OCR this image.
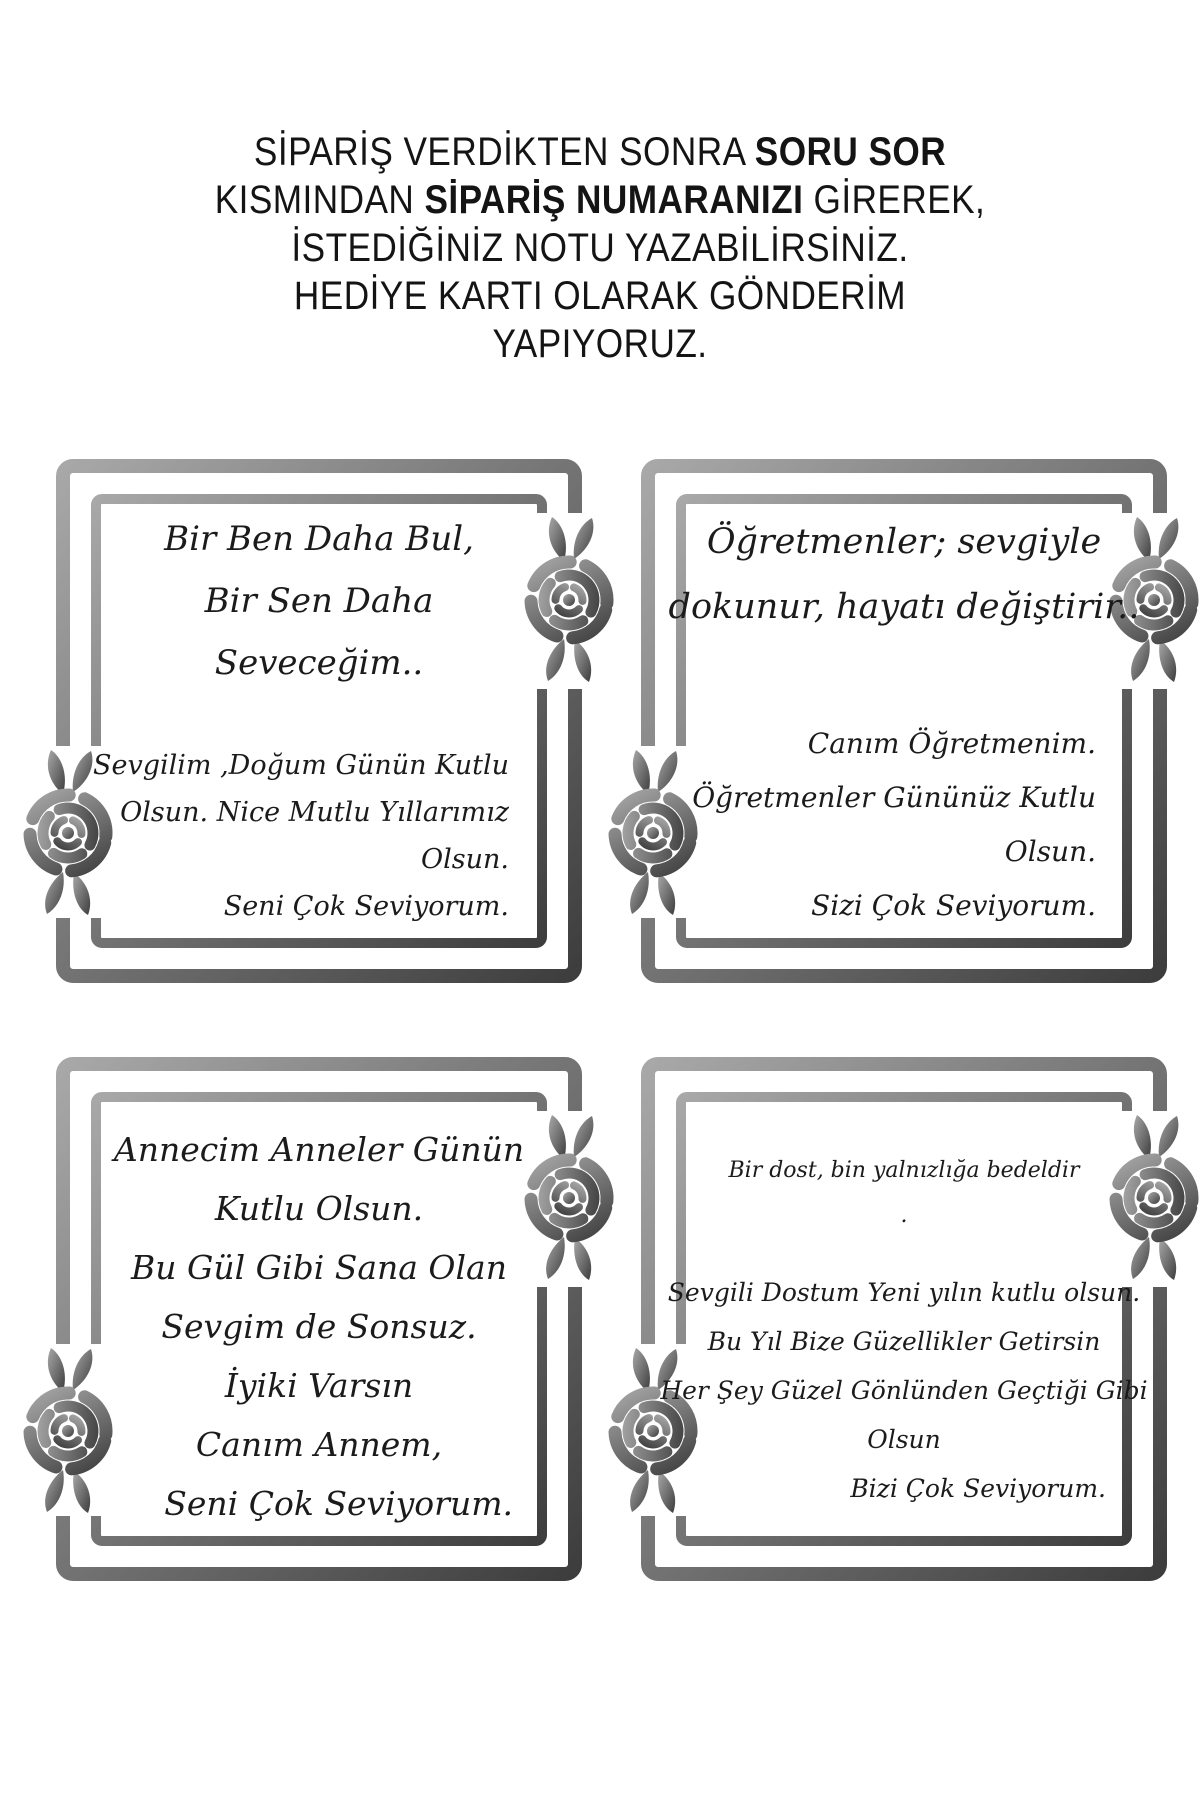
SİPARİŞ VERDİKTEN SONRA SORU SOR
KISMINDAN SİPARİŞ NUMARANIZI GİREREK,
İSTEDİĞİNİZ NOTU YAZABİLİRSİNİZ.
HEDİYE KARTI OLARAK GÖNDERİM
YAPIYORUZ.
Bir Ben Daha Bul,
Bir Sen Daha
Seveceğim..
Sevgilim ,Doğum Günün Kutlu
Olsun. Nice Mutlu Yıllarımız
Olsun.
Seni Çok Seviyorum.
Öğretmenler; sevgiyle
dokunur, hayatı değiştirir..
Canım Öğretmenim.
Öğretmenler Gününüz Kutlu
Olsun.
Sizi Çok Seviyorum.
Annecim Anneler Günün
Kutlu Olsun.
Bu Gül Gibi Sana Olan
Sevgim de Sonsuz.
İyiki Varsın
Canım Annem,
Seni Çok Seviyorum.
Bir dost, bin yalnızlığa bedeldir
.
Sevgili Dostum Yeni yılın kutlu olsun.
Bu Yıl Bize Güzellikler Getirsin
Her Şey Güzel Gönlünden Geçtiği Gibi
Olsun
Bizi Çok Seviyorum.
